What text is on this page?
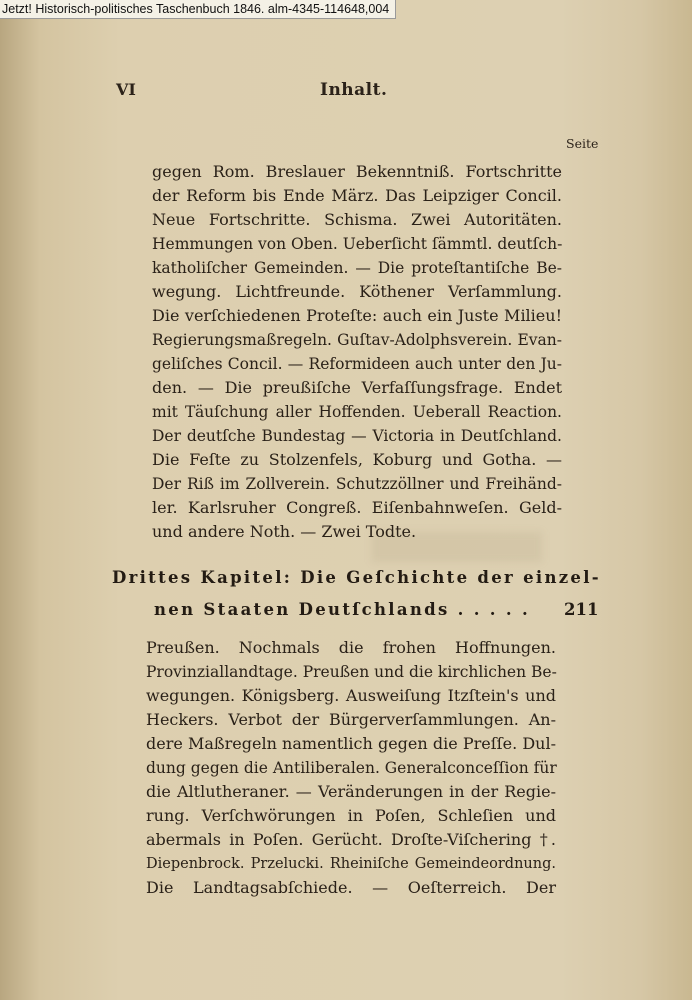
Jetzt! Historisch-politisches Taschenbuch 1846. alm-4345-114648,004
VI	Inhalt.
Seite
gegen Rom. Breslauer Bekenntniß. Fortschritte
der Reform bis Ende März. Das Leipziger Concil.
Neue Fortschritte. Schisma. Zwei Autoritäten.
Hemmungen von Oben. Ueberſicht ſämmtl. deutſch-
katholiſcher Gemeinden. — Die proteſtantiſche Be-
wegung. Lichtfreunde. Köthener Verſammlung.
Die verſchiedenen Proteſte: auch ein Juste Milieu!
Regierungsmaßregeln. Guſtav-Adolphsverein. Evan-
geliſches Concil. — Reformideen auch unter den Ju-
den. — Die preußiſche Verfaſſungsfrage. Endet
mit Täuſchung aller Hoffenden. Ueberall Reaction.
Der deutſche Bundestag — Victoria in Deutſchland.
Die Feſte zu Stolzenfels, Koburg und Gotha. —
Der Riß im Zollverein. Schutzzöllner und Freihänd-
ler. Karlsruher Congreß. Eiſenbahnweſen. Geld-
und andere Noth. — Zwei Todte.
Drittes Kapitel: Die Geſchichte der einzel-
nen Staaten Deutſchlands . . . . . 211
Preußen. Nochmals die frohen Hoffnungen.
Provinziallandtage. Preußen und die kirchlichen Be-
wegungen. Königsberg. Ausweiſung Itzſtein's und
Heckers. Verbot der Bürgerverſammlungen. An-
dere Maßregeln namentlich gegen die Preſſe. Dul-
dung gegen die Antiliberalen. Generalconceſſion für
die Altlutheraner. — Veränderungen in der Regie-
rung. Verſchwörungen in Poſen, Schleſien und
abermals in Poſen. Gerücht. Droſte-Viſchering †.
Diepenbrock. Przelucki. Rheiniſche Gemeindeordnung.
Die Landtagsabſchiede. — Oeſterreich. Der
